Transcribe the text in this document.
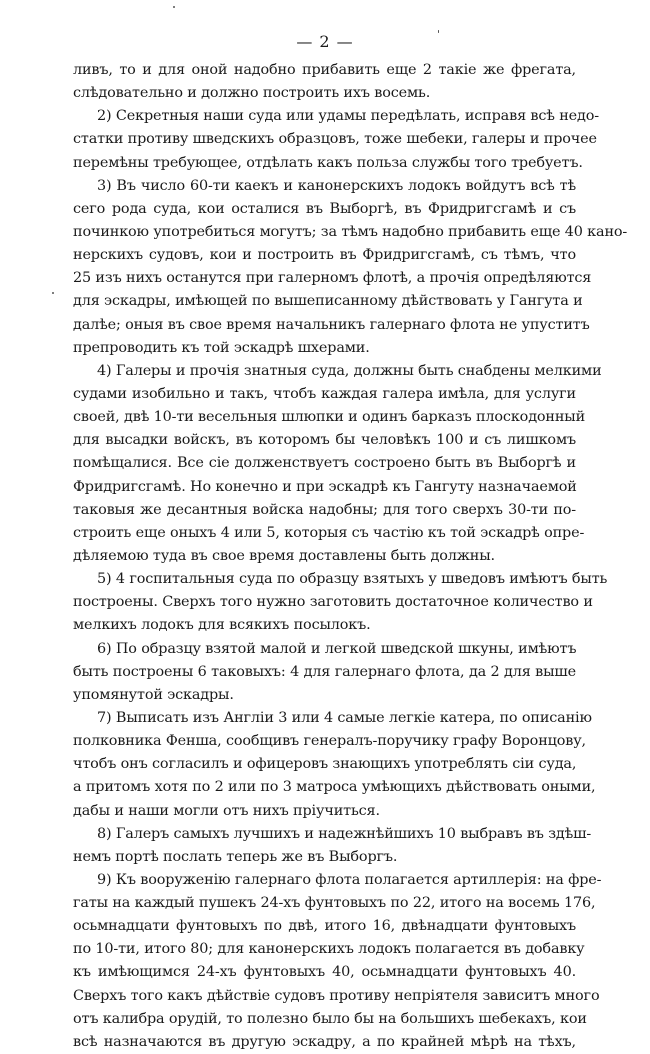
— 2 —
ливъ, то и для оной надобно прибавить еще 2 такiе же фрегата,
слѣдовательно и должно построить ихъ восемь.
2) Секретныя наши суда или удамы передѣлать, исправя всѣ недо-
статки противу шведскихъ образцовъ, тоже шебеки, галеры и прочее
перемѣны требующее, отдѣлать какъ польза службы того требуетъ.
3) Въ число 60-ти каекъ и канонерскихъ лодокъ войдутъ всѣ тѣ
сего рода суда, кои осталися въ Выборгѣ, въ Фридригсгамѣ и съ
починкою употребиться могутъ; за тѣмъ надобно прибавить еще 40 кано-
нерскихъ судовъ, кои и построить въ Фридригсгамѣ, съ тѣмъ, что
25 изъ нихъ останутся при галерномъ флотѣ, а прочiя опредѣляются
для эскадры, имѣющей по вышеписанному дѣйствовать у Гангута и
далѣе; оныя въ свое время начальникъ галернаго флота не упуститъ
препроводить къ той эскадрѣ шхерами.
4) Галеры и прочiя знатныя суда, должны быть снабдены мелкими
судами изобильно и такъ, чтобъ каждая галера имѣла, для услуги
своей, двѣ 10-ти весельныя шлюпки и одинъ барказъ плоскодонный
для высадки войскъ, въ которомъ бы человѣкъ 100 и съ лишкомъ
помѣщалися. Все сiе долженствуетъ состроено быть въ Выборгѣ и
Фридригсгамѣ. Но конечно и при эскадрѣ къ Гангуту назначаемой
таковыя же десантныя войска надобны; для того сверхъ 30-ти по-
строить еще оныхъ 4 или 5, которыя съ частiю къ той эскадрѣ опре-
дѣляемою туда въ свое время доставлены быть должны.
5) 4 госпитальныя суда по образцу взятыхъ у шведовъ имѣютъ быть
построены. Сверхъ того нужно заготовить достаточное количество и
мелкихъ лодокъ для всякихъ посылокъ.
6) По образцу взятой малой и легкой шведской шкуны, имѣютъ
быть построены 6 таковыхъ: 4 для галернаго флота, да 2 для выше
упомянутой эскадры.
7) Выписать изъ Англiи 3 или 4 самые легкiе катера, по описанiю
полковника Фенша, сообщивъ генералъ-поручику графу Воронцову,
чтобъ онъ согласилъ и офицеровъ знающихъ употреблять сiи суда,
а притомъ хотя по 2 или по 3 матроса умѣющихъ дѣйствовать оными,
дабы и наши могли отъ нихъ прiучиться.
8) Галеръ самыхъ лучшихъ и надежнѣйшихъ 10 выбравъ въ здѣш-
немъ портѣ послать теперь же въ Выборгъ.
9) Къ вооруженiю галернаго флота полагается артиллерiя: на фре-
гаты на каждый пушекъ 24-хъ фунтовыхъ по 22, итого на восемь 176,
осьмнадцати фунтовыхъ по двѣ, итого 16, двѣнадцати фунтовыхъ
по 10-ти, итого 80; для канонерскихъ лодокъ полагается въ добавку
къ имѣющимся 24-хъ фунтовыхъ 40, осьмнадцати фунтовыхъ 40.
Сверхъ того какъ дѣйствiе судовъ противу непрiятеля зависитъ много
отъ калибра орудiй, то полезно было бы на большихъ шебекахъ, кои
всѣ назначаются въ другую эскадру, а по крайней мѣрѣ на тѣхъ,
